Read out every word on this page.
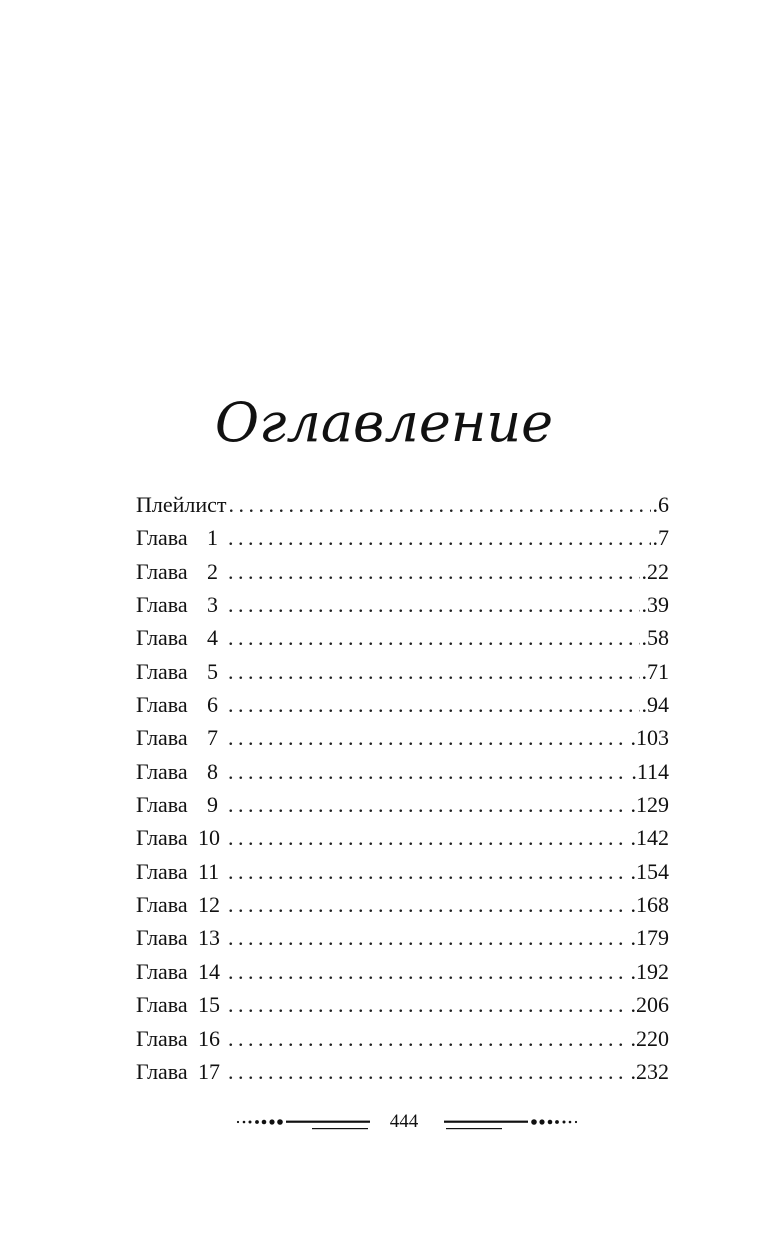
Оглавление
Плейлист . . .	.6
Глава 1 . . .	.7
Глава 2 . . .	.22
Глава 3 . . .	.39
Глава 4 . . .	.58
Глава 5 . . .	.71
Глава 6 . . .	.94
Глава 7 . . .	.103
Глава 8 . . .	.114
Глава 9 . . .	.129
Глава 10 . . .	.142
Глава 11 . . .	.154
Глава 12 . . .	.168
Глава 13 . . .	.179
Глава 14 . . .	.192
Глава 15 . . .	.206
Глава 16 . . .	.220
Глава 17 . . .	.232
444
